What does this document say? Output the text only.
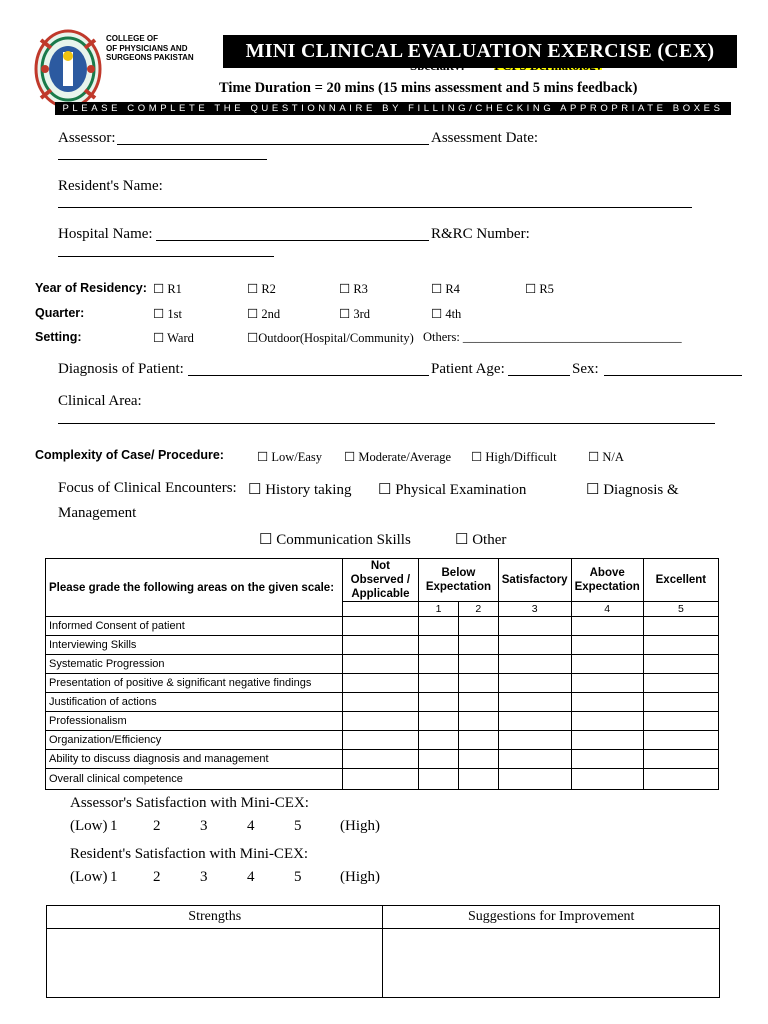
COLLEGE OF
OF PHYSICIANS AND
SURGEONS PAKISTAN	MINI CLINICAL EVALUATION EXERCISE (CEX)
Time Duration = 20 mins (15 mins assessment and 5 mins feedback)
PLEASE COMPLETE THE QUESTIONNAIRE BY FILLING/CHECKING APPROPRIATE BOXES
Assessor:	Assessment Date:
Resident's Name:
Hospital Name:	R&RC Number:
Year of Residency: ☐ R1	☐ R2	☐ R3	☐ R4	☐ R5
Quarter:	☐ 1st	☐ 2nd	☐ 3rd	☐ 4th
Setting:	☐ Ward	☐Outdoor(Hospital/Community) Others: ___________________________________
Diagnosis of Patient:	Patient Age:	Sex:
Clinical Area:
Complexity of Case/ Procedure:	☐ Low/Easy ☐ Moderate/Average ☐ High/Difficult	☐ N/A
Focus of Clinical Encounters: ☐ History taking ☐ Physical Examination	☐ Diagnosis &
Management
☐ Communication Skills	☐ Other
Please grade the following areas on the given scale:	Not Observed / Applicable	Below Expectation		Satisfactory	Above Expectation	Excellent
		1	2	3	4	5
Informed Consent of patient						
Interviewing Skills						
Systematic Progression						
Presentation of positive & significant negative findings						
Justification of actions						
Professionalism						
Organization/Efficiency						
Ability to discuss diagnosis and management						
Overall clinical competence						
Assessor's Satisfaction with Mini-CEX:
(Low) 1 2	3	4	5	(High)
Resident's Satisfaction with Mini-CEX:
(Low) 1 2	3	4	5	(High)
Strengths	Suggestions for Improvement
